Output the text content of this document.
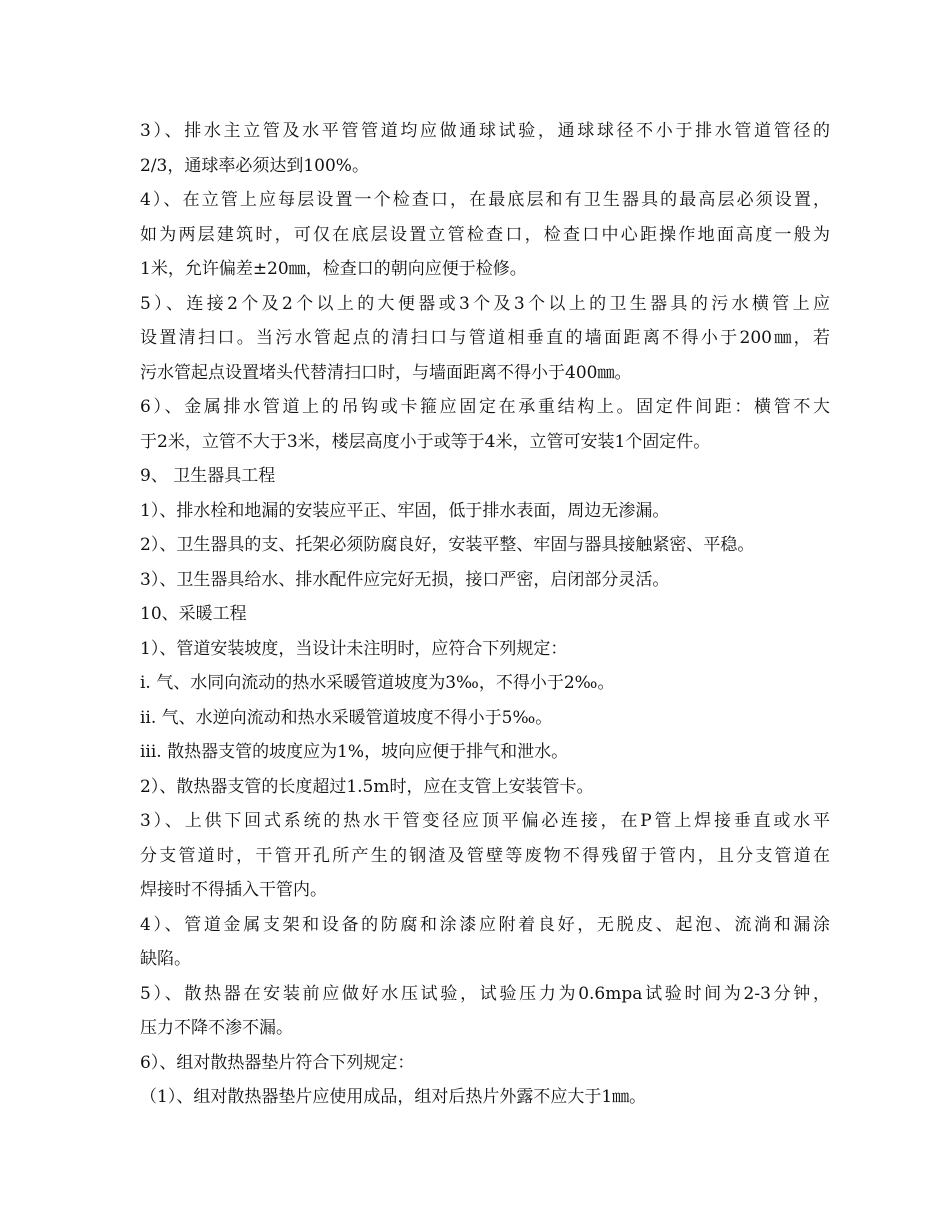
3）、排水主立管及水平管管道均应做通球试验，通球球径不小于排水管道管径的
2/3，通球率必须达到100%。
4）、在立管上应每层设置一个检查口，在最底层和有卫生器具的最高层必须设置，
如为两层建筑时，可仅在底层设置立管检查口，检查口中心距操作地面高度一般为
1米，允许偏差±20㎜，检查口的朝向应便于检修。
5）、连接2个及2个以上的大便器或3个及3个以上的卫生器具的污水横管上应
设置清扫口。当污水管起点的清扫口与管道相垂直的墙面距离不得小于200㎜，若
污水管起点设置堵头代替清扫口时，与墙面距离不得小于400㎜。
6）、金属排水管道上的吊钩或卡箍应固定在承重结构上。固定件间距：横管不大
于2米，立管不大于3米，楼层高度小于或等于4米，立管可安装1个固定件。
9、 卫生器具工程
1）、排水栓和地漏的安装应平正、牢固，低于排水表面，周边无渗漏。
2）、卫生器具的支、托架必须防腐良好，安装平整、牢固与器具接触紧密、平稳。
3）、卫生器具给水、排水配件应完好无损，接口严密，启闭部分灵活。
10、采暖工程
1）、管道安装坡度，当设计未注明时，应符合下列规定：
i. 气、水同向流动的热水采暖管道坡度为3‰，不得小于2‰。
ii. 气、水逆向流动和热水采暖管道坡度不得小于5‰。
iii. 散热器支管的坡度应为1%，坡向应便于排气和泄水。
2）、散热器支管的长度超过1.5m时，应在支管上安装管卡。
3）、上供下回式系统的热水干管变径应顶平偏必连接，在P管上焊接垂直或水平
分支管道时，干管开孔所产生的钢渣及管壁等废物不得残留于管内，且分支管道在
焊接时不得插入干管内。
4）、管道金属支架和设备的防腐和涂漆应附着良好，无脱皮、起泡、流淌和漏涂
缺陷。
5）、散热器在安装前应做好水压试验，试验压力为0.6mpa试验时间为2-3分钟，
压力不降不渗不漏。
6）、组对散热器垫片符合下列规定：
（1）、组对散热器垫片应使用成品，组对后热片外露不应大于1㎜。
